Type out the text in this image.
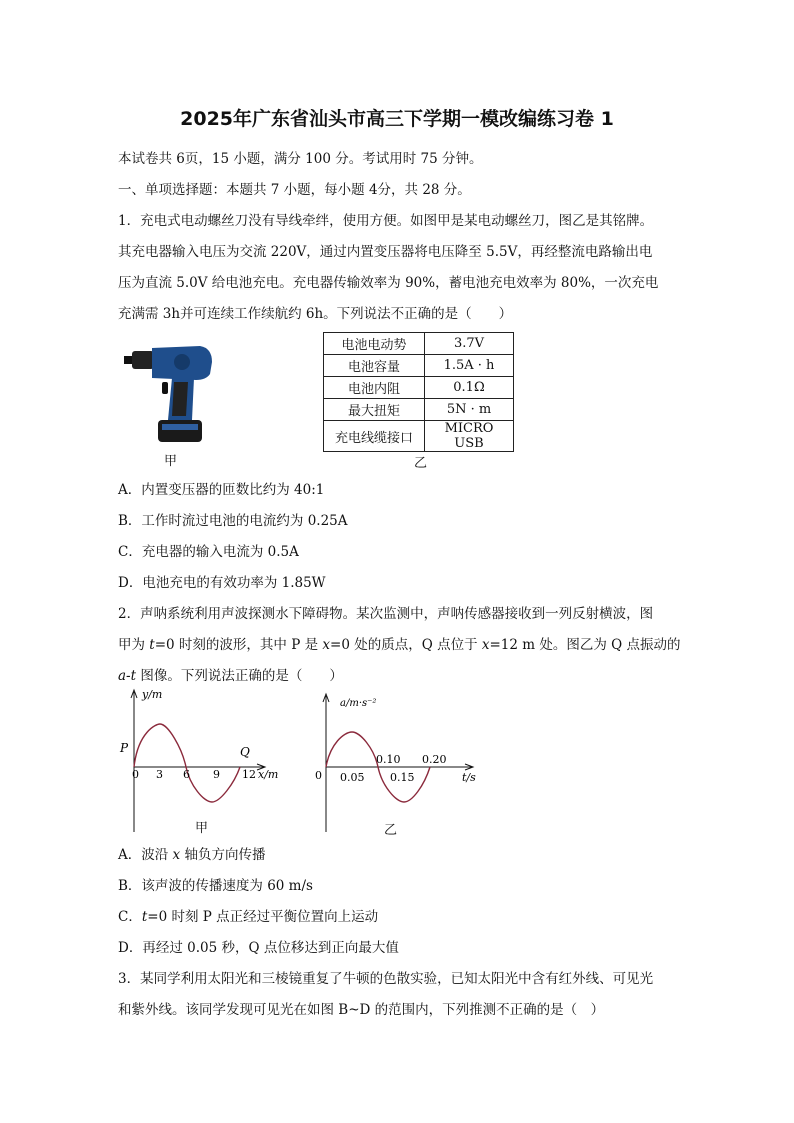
2025年广东省汕头市高三下学期一模改编练习卷 1
本试卷共 6页，15 小题，满分 100 分。考试用时 75 分钟。
一、单项选择题：本题共 7 小题，每小题 4分，共 28 分。
1．充电式电动螺丝刀没有导线牵绊，使用方便。如图甲是某电动螺丝刀，图乙是其铭牌。
其充电器输入电压为交流 220V，通过内置变压器将电压降至 5.5V，再经整流电路输出电
压为直流 5.0V 给电池充电。充电器传输效率为 90%，蓄电池充电效率为 80%，一次充电
充满需 3h并可连续工作续航约 6h。下列说法不正确的是（　　）
甲
电池电动势	3.7V
电池容量	1.5A · h
电池内阻	0.1Ω
最大扭矩	5N · m
充电线缆接口	MICRO USB
乙
A．内置变压器的匝数比约为 40:1
B．工作时流过电池的电流约为 0.25A
C．充电器的输入电流为 0.5A
D．电池充电的有效功率为 1.85W
2．声呐系统利用声波探测水下障碍物。某次监测中，声呐传感器接收到一列反射横波，图
甲为 t=0 时刻的波形，其中 P 是 x=0 处的质点，Q 点位于 x=12 m 处。图乙为 Q 点振动的
a-t 图像。下列说法正确的是（　　）
y/m
P	Q
0 3 6 9 12 x/m
甲
a/m·s⁻²
0 0.05 0.15
0.10 0.20
t/s
乙
A．波沿 x 轴负方向传播
B．该声波的传播速度为 60 m/s
C．t=0 时刻 P 点正经过平衡位置向上运动
D．再经过 0.05 秒，Q 点位移达到正向最大值
3．某同学利用太阳光和三棱镜重复了牛顿的色散实验，已知太阳光中含有红外线、可见光
和紫外线。该同学发现可见光在如图 B~D 的范围内，下列推测不正确的是（　）
